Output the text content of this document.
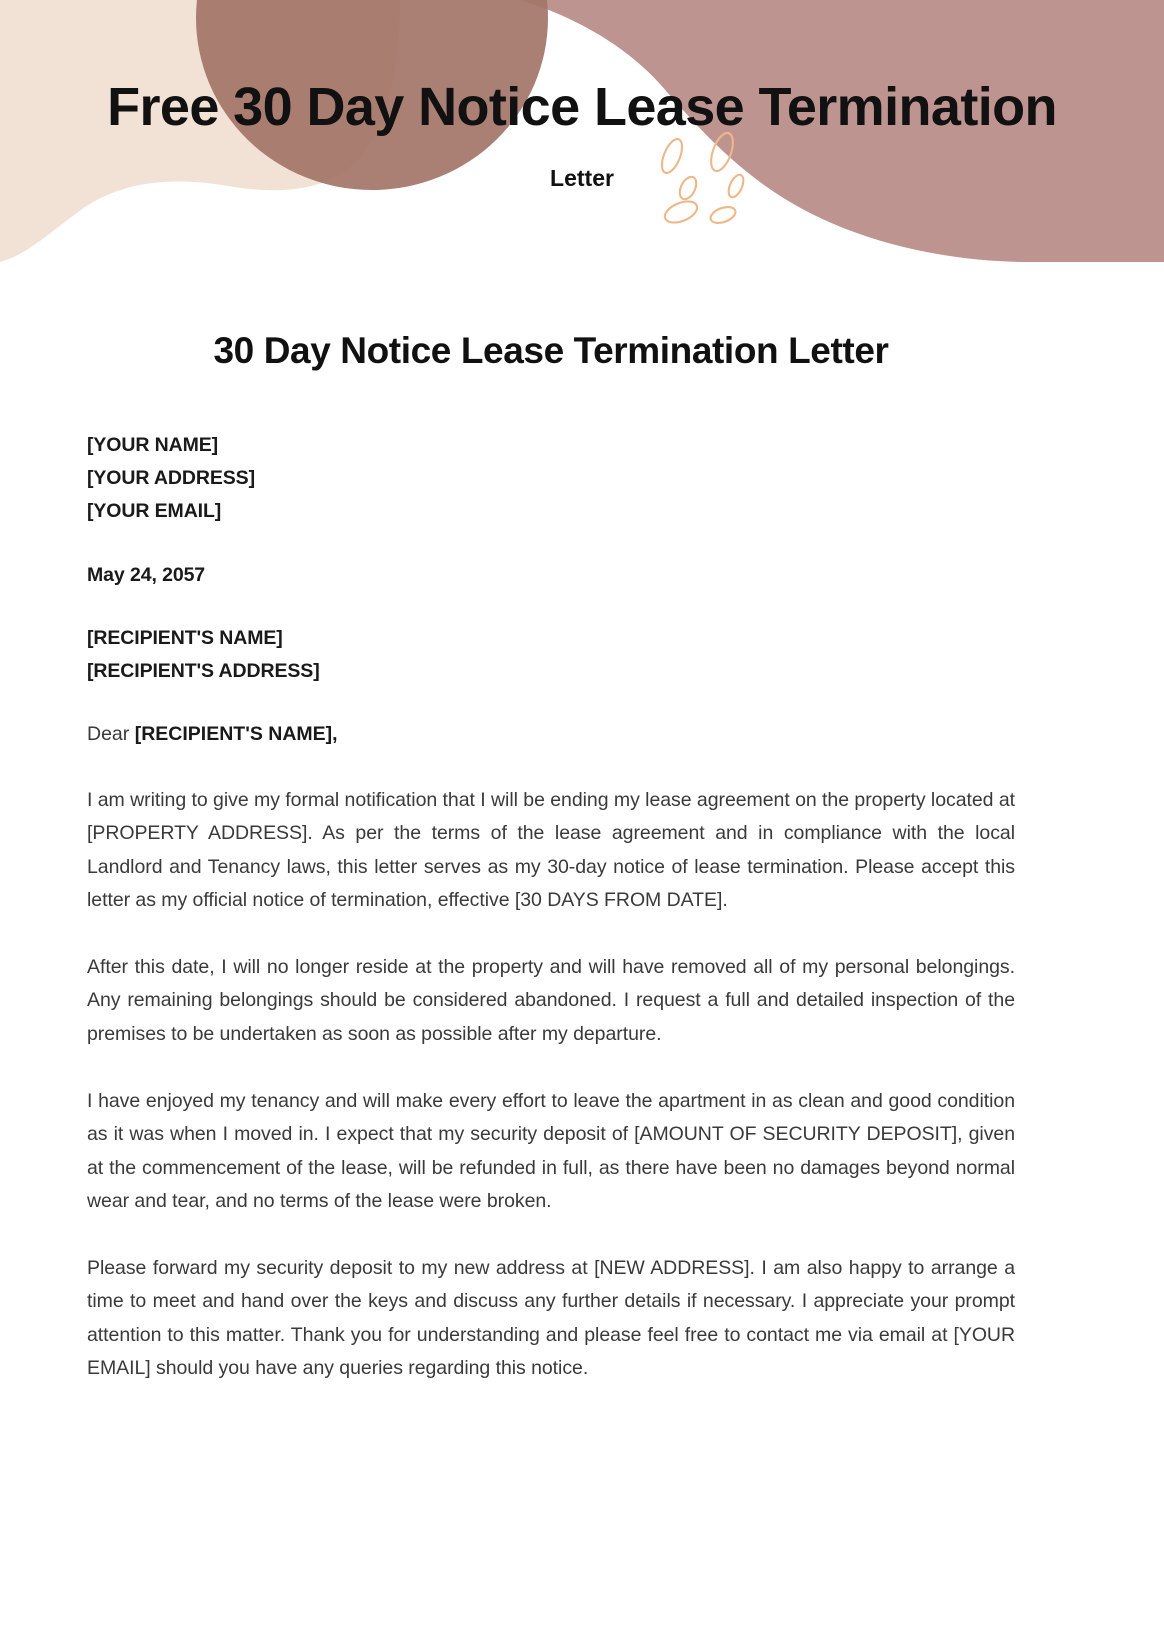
Free 30 Day Notice Lease Termination
Letter
30 Day Notice Lease Termination Letter
[YOUR NAME]
[YOUR ADDRESS]
[YOUR EMAIL]
May 24, 2057
[RECIPIENT'S NAME]
[RECIPIENT'S ADDRESS]
Dear [RECIPIENT'S NAME],

I am writing to give my formal notification that I will be ending my lease agreement on the property located at [PROPERTY ADDRESS]. As per the terms of the lease agreement and in compliance with the local Landlord and Tenancy laws, this letter serves as my 30-day notice of lease termination. Please accept this letter as my official notice of termination, effective [30 DAYS FROM DATE].

After this date, I will no longer reside at the property and will have removed all of my personal belongings. Any remaining belongings should be considered abandoned. I request a full and detailed inspection of the premises to be undertaken as soon as possible after my departure.

I have enjoyed my tenancy and will make every effort to leave the apartment in as clean and good condition as it was when I moved in. I expect that my security deposit of [AMOUNT OF SECURITY DEPOSIT], given at the commencement of the lease, will be refunded in full, as there have been no damages beyond normal wear and tear, and no terms of the lease were broken.

Please forward my security deposit to my new address at [NEW ADDRESS]. I am also happy to arrange a time to meet and hand over the keys and discuss any further details if necessary. I appreciate your prompt attention to this matter. Thank you for understanding and please feel free to contact me via email at [YOUR EMAIL] should you have any queries regarding this notice.
